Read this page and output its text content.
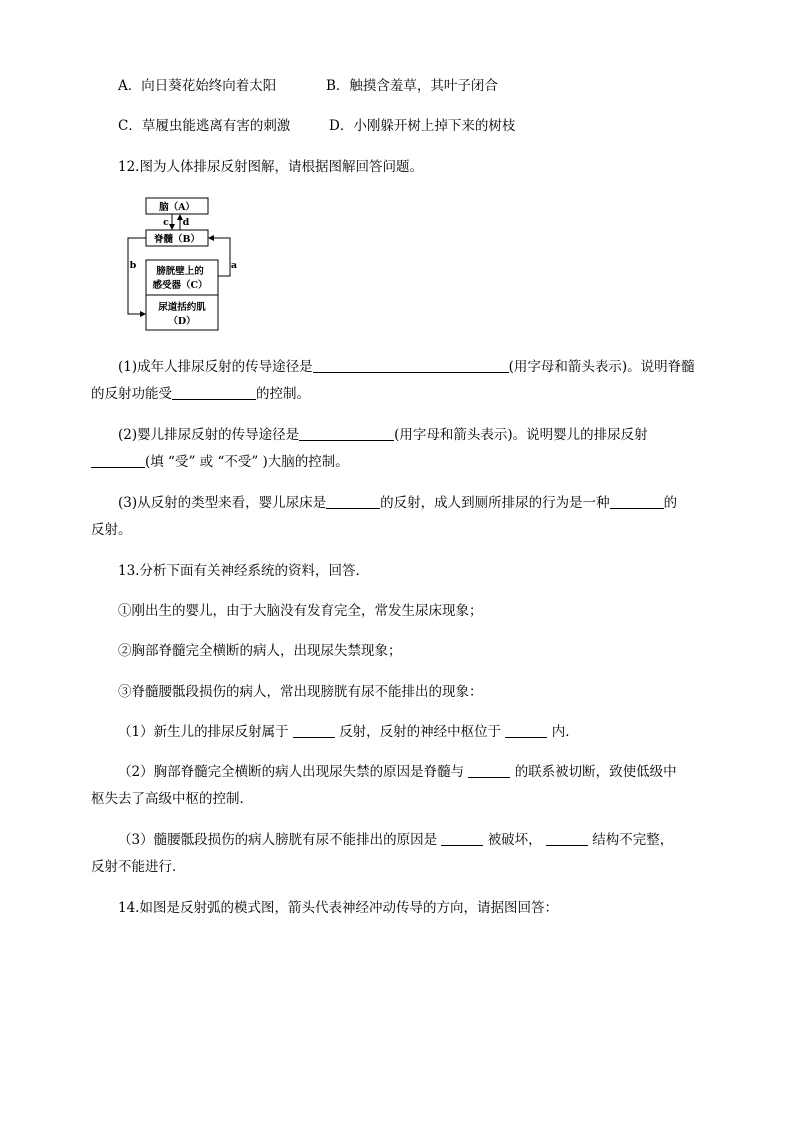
A．向日葵花始终向着太阳	B．触摸含羞草，其叶子闭合
C．草履虫能逃离有害的刺激	D．小刚躲开树上掉下来的树枝
12.图为人体排尿反射图解，请根据图解回答问题。
脑（A）
脊髓（B）
膀胱壁上的
感受器（C）
尿道括约肌
（D）
c d
a
b
(1)成年人排尿反射的传导途径是	(用字母和箭头表示)。说明脊髓
的反射功能受	的控制。
(2)婴儿排尿反射的传导途径是	(用字母和箭头表示)。说明婴儿的排尿反射
(填 “受” 或 “不受” )大脑的控制。
(3)从反射的类型来看，婴儿尿床是	的反射，成人到厕所排尿的行为是一种	的
反射。
13.分析下面有关神经系统的资料，回答．
①刚出生的婴儿，由于大脑没有发育完全，常发生尿床现象；
②胸部脊髓完全横断的病人，出现尿失禁现象；
③脊髓腰骶段损伤的病人，常出现膀胱有尿不能排出的现象：
（1）新生儿的排尿反射属于	反射，反射的神经中枢位于	内．
（2）胸部脊髓完全横断的病人出现尿失禁的原因是脊髓与	的联系被切断，致使低级中
枢失去了高级中枢的控制．
（3）髓腰骶段损伤的病人膀胱有尿不能排出的原因是	被破坏，	结构不完整，
反射不能进行．
14.如图是反射弧的模式图，箭头代表神经冲动传导的方向，请据图回答：
